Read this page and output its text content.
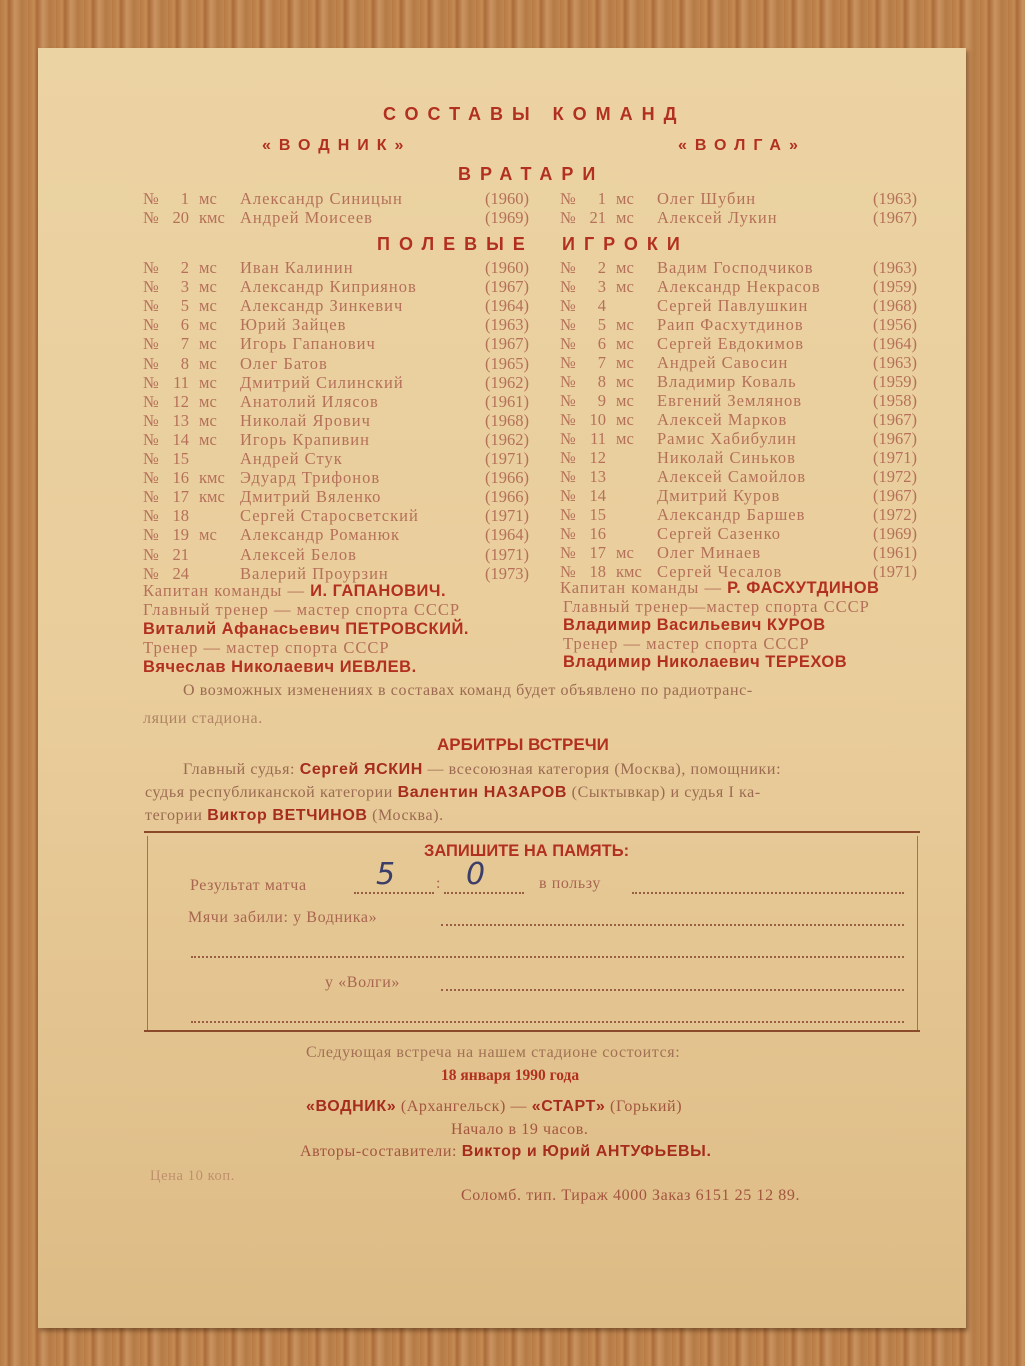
СОСТАВЫ КОМАНД
«ВОДНИК»	«ВОЛГА»
ВРАТАРИ
№	1 мс Александр Синицын	(1960)
№ 20 кмс Андрей Моисеев	(1969)
№	1 мс Олег Шубин	(1963)
№ 21 мс Алексей Лукин	(1967)
ПОЛЕВЫЕ ИГРОКИ
№	2 мс Иван Калинин	(1960)
№	3 мс Александр Киприянов	(1967)
№	5 мс Александр Зинкевич	(1964)
№	6 мс Юрий Зайцев	(1963)
№	7 мс Игорь Гапанович	(1967)
№	8 мс Олег Батов	(1965)
№ 11 мс Дмитрий Силинский	(1962)
№ 12 мс Анатолий Илясов	(1961)
№ 13 мс Николай Ярович	(1968)
№ 14 мс Игорь Крапивин	(1962)
№ 15	Андрей Стук	(1971)
№ 16 кмс Эдуард Трифонов	(1966)
№ 17 кмс Дмитрий Вяленко	(1966)
№ 18	Сергей Старосветский	(1971)
№ 19 мс Александр Романюк	(1964)
№ 21	Алексей Белов	(1971)
№ 24	Валерий Проурзин	(1973)
№	2 мс Вадим Господчиков	(1963)
№	3 мс Александр Некрасов	(1959)
№	4	Сергей Павлушкин	(1968)
№	5 мс Раип Фасхутдинов	(1956)
№	6 мс Сергей Евдокимов	(1964)
№	7 мс Андрей Савосин	(1963)
№	8 мс Владимир Коваль	(1959)
№	9 мс Евгений Землянов	(1958)
№ 10 мс Алексей Марков	(1967)
№ 11 мс Рамис Хабибулин	(1967)
№ 12	Николай Синьков	(1971)
№ 13	Алексей Самойлов	(1972)
№ 14	Дмитрий Куров	(1967)
№ 15	Александр Баршев	(1972)
№ 16	Сергей Сазенко	(1969)
№ 17 мс Олег Минаев	(1961)
№ 18 кмс Сергей Чесалов	(1971)
Капитан команды — И. ГАПАНОВИЧ.
Главный тренер — мастер спорта СССР
Виталий Афанасьевич ПЕТРОВСКИЙ.
Тренер — мастер спорта СССР
Вячеслав Николаевич ИЕВЛЕВ.
Капитан команды — Р. ФАСХУТДИНОВ
Главный тренер—мастер спорта СССР
Владимир Васильевич КУРОВ
Тренер — мастер спорта СССР
Владимир Николаевич ТЕРЕХОВ
О возможных изменениях в составах команд будет объявлено по радиотранс-
ляции стадиона.
АРБИТРЫ ВСТРЕЧИ
Главный судья: Сергей ЯСКИН — всесоюзная категория (Москва), помощники:
судья республиканской категории Валентин НАЗАРОВ (Сыктывкар) и судья I ка-
тегории Виктор ВЕТЧИНОВ (Москва).
ЗАПИШИТЕ НА ПАМЯТЬ:
Результат матча	:
5 0	в пользу
Мячи забили: у Водника»
у «Волги»
Следующая встреча на нашем стадионе состоится:
18 января 1990 года
«ВОДНИК» (Архангельск) — «СТАРТ» (Горький)
Начало в 19 часов.
Авторы-составители: Виктор и Юрий АНТУФЬЕВЫ.
Цена 10 коп.
Соломб. тип. Тираж 4000 Заказ 6151 25 12 89.
